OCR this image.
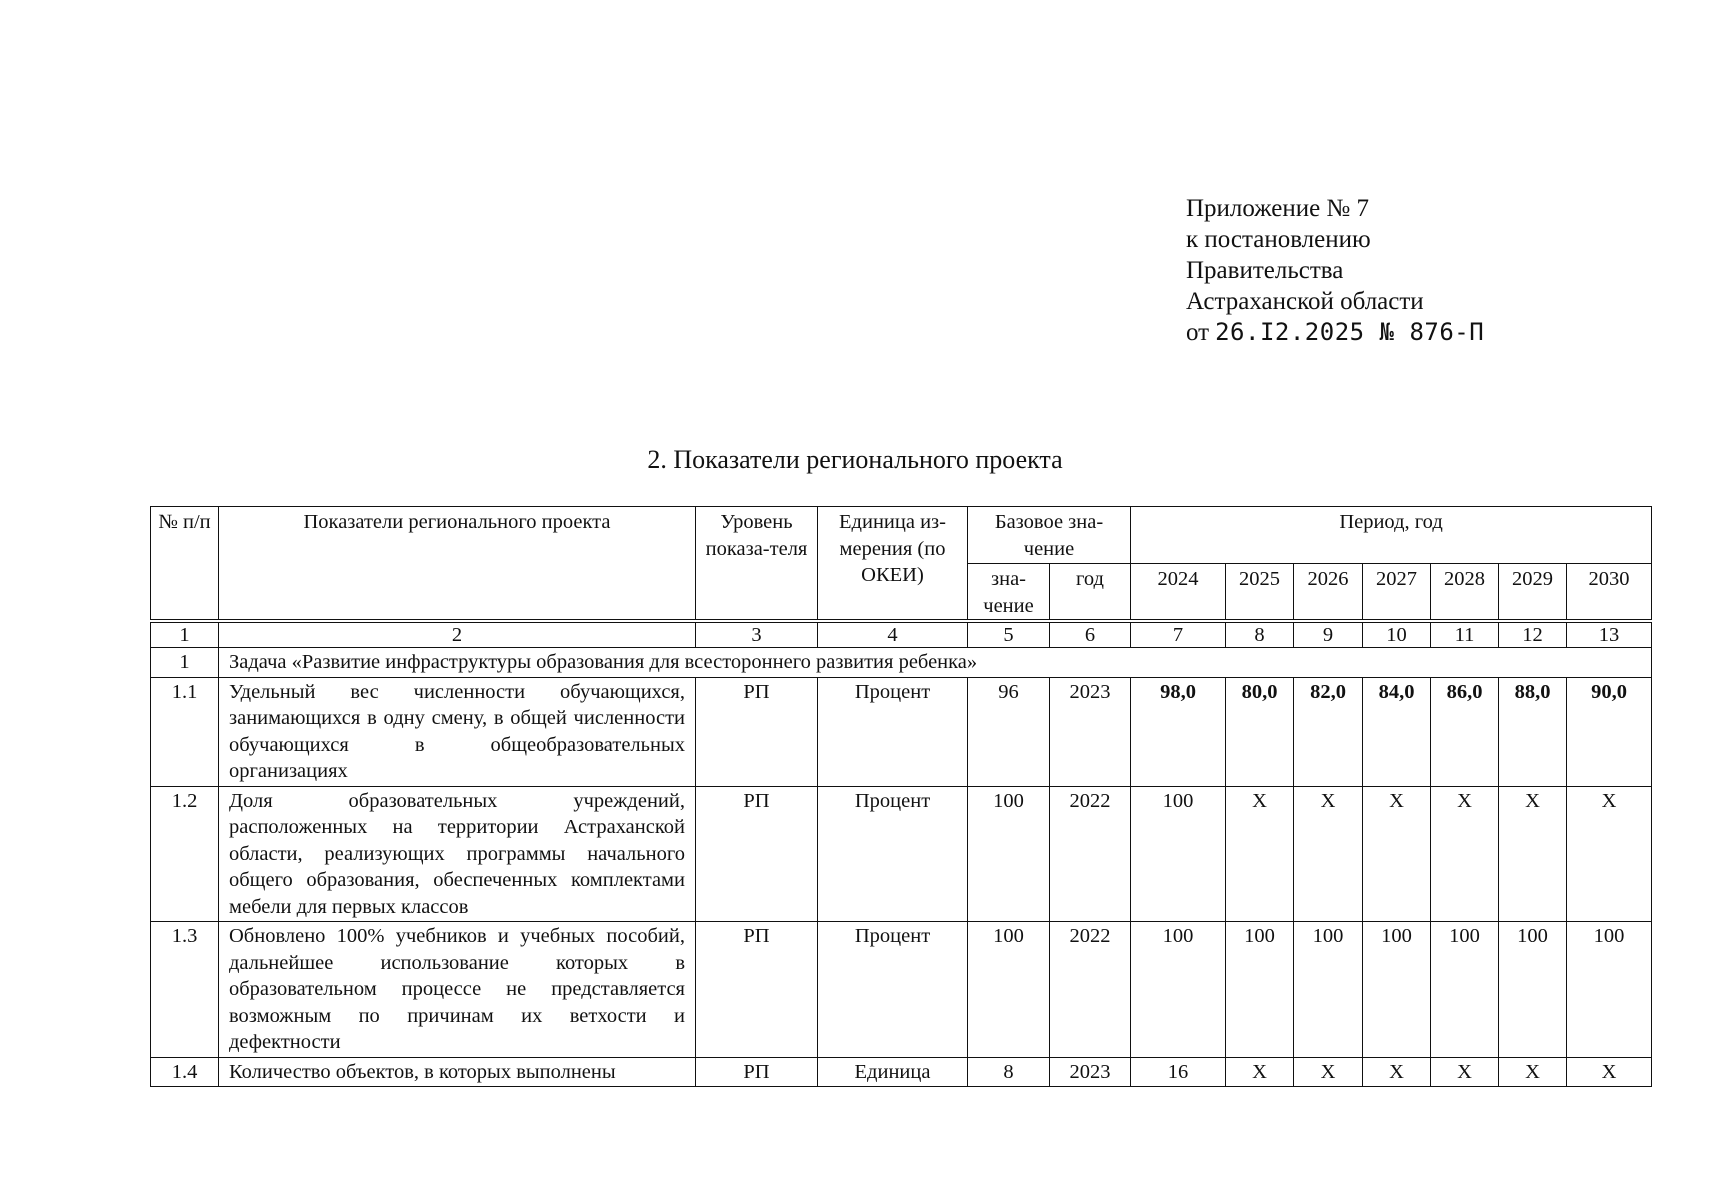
Приложение № 7
к постановлению
Правительства
Астраханской области
от 26.I2.2025 № 876-П
2. Показатели регионального проекта
№ п/п	Показатели регионального проекта	Уровень показа-теля	Единица из-мерения (по ОКЕИ)	Базовое зна-чение		Период, год						
				зна-чение	год	2024	2025	2026	2027	2028	2029	2030
1	2	3	4	5	6	7	8	9	10	11	12	13
1	Задача «Развитие инфраструктуры образования для всестороннего развития ребенка»											
1.1	Удельный вес численности обучающихся, занимающихся в одну смену, в общей численности обучающихся в общеобразовательных организациях	РП	Процент	96	2023	98,0	80,0	82,0	84,0	86,0	88,0	90,0
1.2	Доля образовательных учреждений, расположенных на территории Астраханской области, реализующих программы начального общего образования, обеспеченных комплектами мебели для первых классов	РП	Процент	100	2022	100	Х	Х	Х	Х	Х	Х
1.3	Обновлено 100% учебников и учебных пособий, дальнейшее использование которых в образовательном процессе не представляется возможным по причинам их ветхости и дефектности	РП	Процент	100	2022	100	100	100	100	100	100	100
1.4	Количество объектов, в которых выполнены	РП	Единица	8	2023	16	Х	Х	Х	Х	Х	Х
